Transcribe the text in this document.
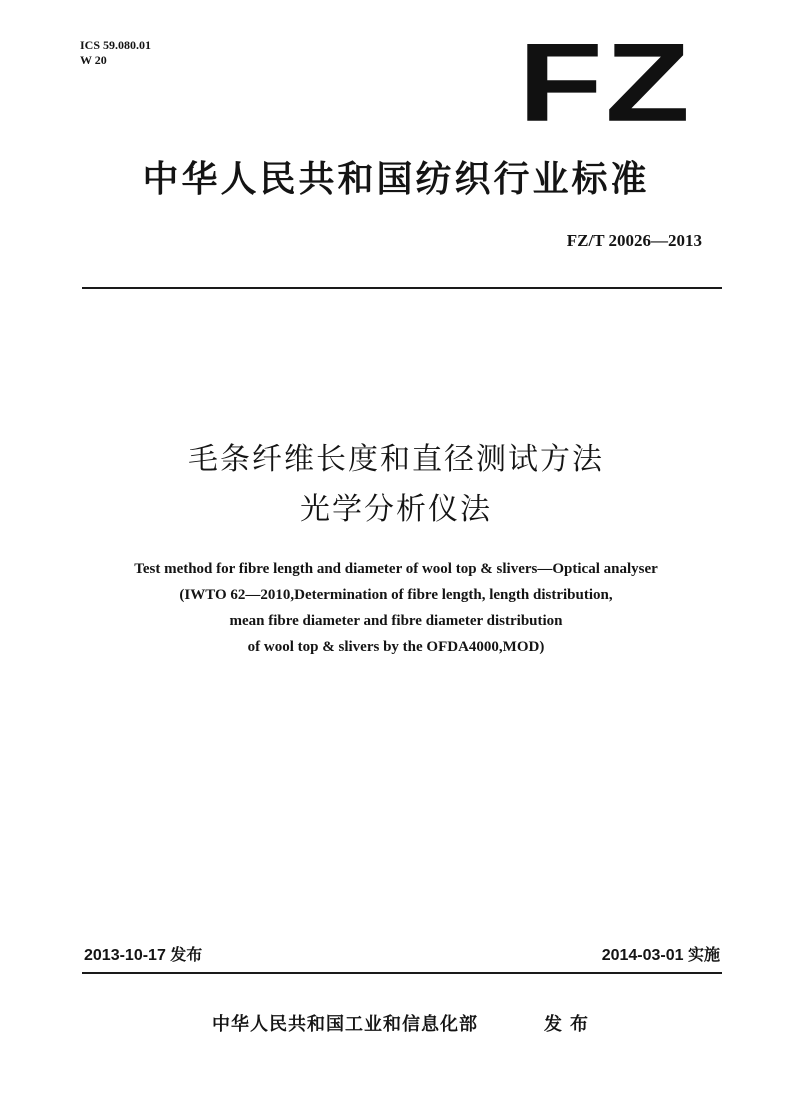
ICS 59.080.01
W 20	FZ
中华人民共和国纺织行业标准
FZ/T 20026—2013
毛条纤维长度和直径测试方法
光学分析仪法
Test method for fibre length and diameter of wool top & slivers—Optical analyser
(IWTO 62—2010,Determination of fibre length, length distribution,
mean fibre diameter and fibre diameter distribution
of wool top & slivers by the OFDA4000,MOD)
2013-10-17 发布	2014-03-01 实施
中华人民共和国工业和信息化部	发布
